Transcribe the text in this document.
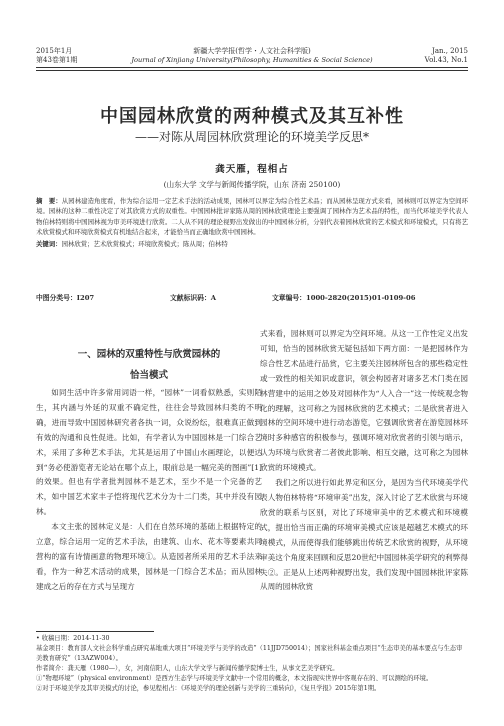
2015年1月
第43卷第1期
新疆大学学报(哲学・人文社会科学版)
Journal of Xinjiang University(Philosophy, Humanities & Social Science)
Jan., 2015
Vol.43, No.1
中国园林欣赏的两种模式及其互补性
——对陈从周园林欣赏理论的环境美学反思*
龚天雁，程相占
(山东大学 文学与新闻传播学院，山东 济南 250100)
摘　要：从园林建造角度看，作为综合运用一定艺术手法的活动成果，园林可以界定为综合性艺术品；而从园林呈现方式来看，园林则可以界定为空间环境。园林的这种二重性决定了对其欣赏方式的双重性。中国园林批评家陈从周的园林欣赏理论主要强调了园林作为艺术品的特性，而当代环境美学代表人物伯林特则将中国园林视为审美环境进行欣赏。二人从不同的理论视野出发做出的中国园林分析，分别代表着园林欣赏的艺术模式和环境模式，只有将艺术欣赏模式和环境欣赏模式有机地结合起来，才能恰当而正确地欣赏中国园林。
关键词：园林欣赏；艺术欣赏模式；环境欣赏模式；陈从周；伯林特
中图分类号：I207	文献标识码：A	文章编号：1000-2820(2015)01-0109-06
一、园林的双重特性与欣赏园林的
恰当模式

如同生活中许多常用词语一样，“园林”一词看似熟悉，实则陌生，其内涵与外延的双重不确定性，往往会导致园林归类的不明确，进而导致中国园林研究者各执一词，众说纷纭，很难真正做到有效的沟通和良性促进。比如，有学者认为中国园林是一门综合艺术，采用了多种艺术手法，尤其是运用了中国山水画理论，以便达到“务必使游览者无论站在哪个点上，眼前总是一幅完美的图画”[1]的效果。但也有学者批判园林不是艺术，至少不是一个完备的艺术，如中国艺术家丰子恺将现代艺术分为十二门类，其中并没有园林。

本文主张的园林定义是：人们在自然环境的基础上根据特定的立意，综合运用一定的艺术手法，由建筑、山水、花木等要素共同营构的富有诗情画意的物理环境①。从造园者所采用的艺术手法来看，作为一种艺术活动的成果，园林是一门综合艺术品；而从园林建成之后的存在方式与呈现方

式来看，园林则可以界定为空间环境。从这一工作性定义出发可知，恰当的园林欣赏无疑包括如下两方面：一是把园林作为综合性艺术品进行品赏，它主要关注园林所包含的那些稳定性或一致性的相关知识或意识，领会构园者对诸多艺术门类在园林营建中的运用之妙及对园林作为“人入合一”这一传统观念物化的理解，这可称之为园林欣赏的艺术模式；二是欣赏者进入园林的空间环境中进行动态游览，它强调欣赏者在游览园林环境时多种感官的积极参与，强调环境对欣赏者的引领与暗示，认为环境与欣赏者二者彼此影响、相互交融，这可称之为园林欣赏的环境模式。

我们之所以进行如此界定和区分，是因为当代环境美学代表人物伯林特将“环境审美”出发，深入讨论了艺术欣赏与环境欣赏的联系与区别，对比了环境审美中的艺术模式和环境模式，提出恰当而正确的环境审美模式应该是超越艺术模式的环境模式，从而使得我们能够跳出传统艺术欣赏的视野，从环境审美这个角度来回顾和反思20世纪中国园林美学研究的利弊得失②。正是从上述两种视野出发，我们发现中国园林批评家陈从周的园林欣赏

• 收稿日期：2014-11-30

基金项目：教育部人文社会科学重点研究基地重大项目“环境美学与美学的改造”（11JJD750014）；国家社科基金重点项目“生态审美的基本要点与生态审美教育研究”（13AZW004）。

作者简介：龚天雁（1980—），女，河南信阳人，山东大学文学与新闻传播学院博士生，从事文艺美学研究。

①“物理环境”（physical environment）是西方生态学与环境美学文献中一个常用的概念，本文指现实世界中客观存在的、可以测绘的环境。

②对于环境美学及其审美模式的讨论，参见程相占：《环境美学的理论创新与美学的三重转向》，《复旦学报》2015年第1期。
